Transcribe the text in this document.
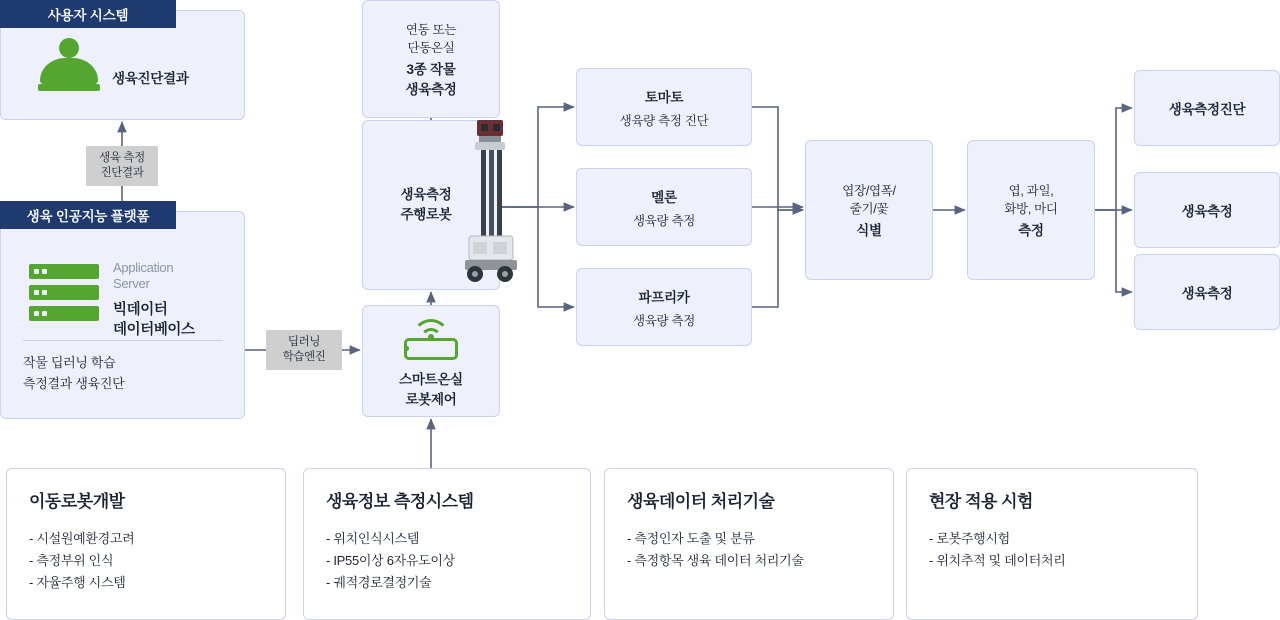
사용자 시스템
생육진단결과
생육 측정
진단결과
Application
Server
빅데이터
데이터베이스
작물 딥러닝 학습
측정결과 생육진단
생육 인공지능 플랫폼
딥러닝
학습엔진
연동 또는
단동온실
3종 작물
생육측정
생육측정
주행로봇
스마트온실
로봇제어
토마토
생육량 측정 진단
멜론
생육량 측정
파프리카
생육량 측정
엽장/엽폭/
줄기/꽃
식별
엽, 과일,
화방, 마디
측정
생육측정진단
생육측정
생육측정
이동로봇개발
- 시설원예환경고려
- 측정부위 인식
- 자율주행 시스템
생육정보 측정시스템
- 위치인식시스템
- IP55이상 6자유도이상
- 궤적경로결정기술
생육데이터 처리기술
- 측정인자 도출 및 분류
- 측정항목 생육 데이터 처리기술
현장 적용 시험
- 로봇주행시험
- 위치추적 및 데이터처리
